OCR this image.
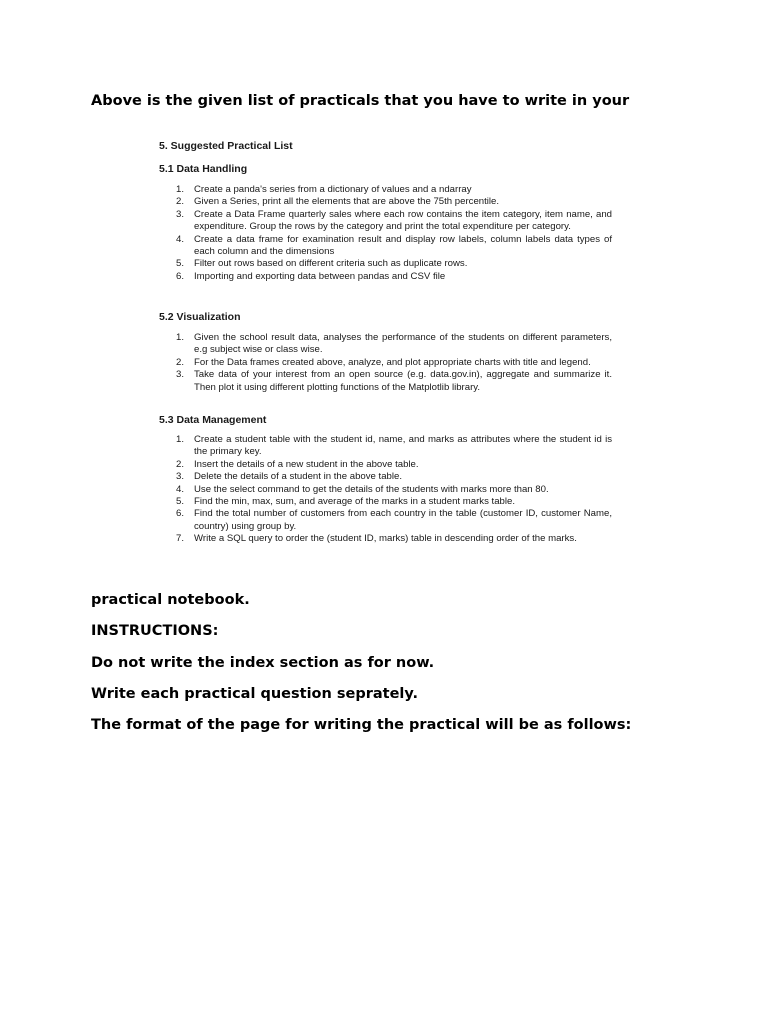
Above is the given list of practicals that you have to write in your
5. Suggested Practical List
5.1 Data Handling
1. Create a panda's series from a dictionary of values and a ndarray
2. Given a Series, print all the elements that are above the 75th percentile.
3. Create a Data Frame quarterly sales where each row contains the item category, item name, and expenditure. Group the rows by the category and print the total expenditure per category.
4. Create a data frame for examination result and display row labels, column labels data types of each column and the dimensions
5. Filter out rows based on different criteria such as duplicate rows.
6. Importing and exporting data between pandas and CSV file
5.2 Visualization
1. Given the school result data, analyses the performance of the students on different parameters, e.g subject wise or class wise.
2. For the Data frames created above, analyze, and plot appropriate charts with title and legend.
3. Take data of your interest from an open source (e.g. data.gov.in), aggregate and summarize it. Then plot it using different plotting functions of the Matplotlib library.
5.3 Data Management
1. Create a student table with the student id, name, and marks as attributes where the student id is the primary key.
2. Insert the details of a new student in the above table.
3. Delete the details of a student in the above table.
4. Use the select command to get the details of the students with marks more than 80.
5. Find the min, max, sum, and average of the marks in a student marks table.
6. Find the total number of customers from each country in the table (customer ID, customer Name, country) using group by.
7. Write a SQL query to order the (student ID, marks) table in descending order of the marks.
practical notebook.
INSTRUCTIONS:
Do not write the index section as for now.
Write each practical question seprately.
The format of the page for writing the practical will be as follows:
